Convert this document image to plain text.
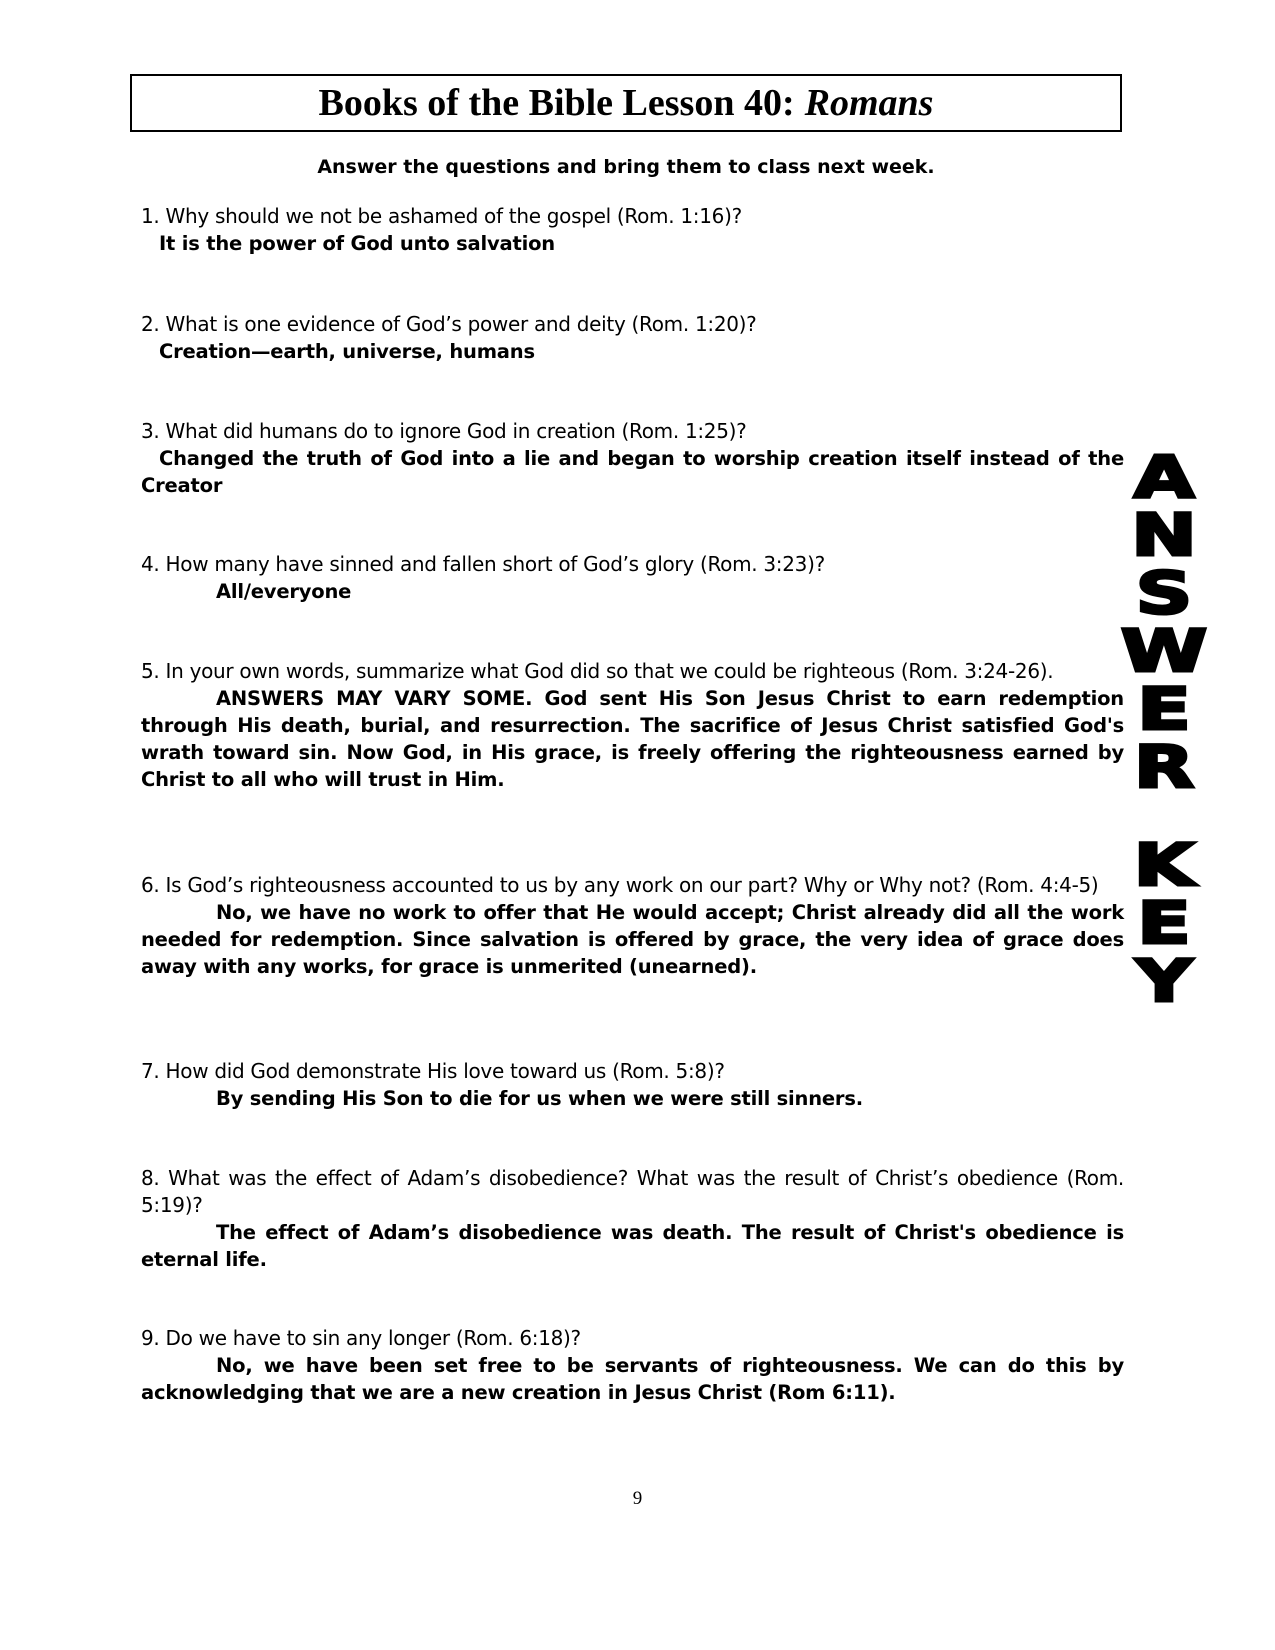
Books of the Bible Lesson 40: Romans
Answer the questions and bring them to class next week.
1. Why should we not be ashamed of the gospel (Rom. 1:16)?
It is the power of God unto salvation
2. What is one evidence of God’s power and deity (Rom. 1:20)?
Creation—earth, universe, humans
3. What did humans do to ignore God in creation (Rom. 1:25)?
Changed the truth of God into a lie and began to worship creation itself instead of the Creator
4. How many have sinned and fallen short of God’s glory (Rom. 3:23)?
All/everyone
5. In your own words, summarize what God did so that we could be righteous (Rom. 3:24-26).
ANSWERS MAY VARY SOME. God sent His Son Jesus Christ to earn redemption through His death, burial, and resurrection. The sacrifice of Jesus Christ satisfied God's wrath toward sin. Now God, in His grace, is freely offering the righteousness earned by Christ to all who will trust in Him.
6. Is God’s righteousness accounted to us by any work on our part? Why or Why not? (Rom. 4:4-5)
No, we have no work to offer that He would accept; Christ already did all the work needed for redemption. Since salvation is offered by grace, the very idea of grace does away with any works, for grace is unmerited (unearned).
7. How did God demonstrate His love toward us (Rom. 5:8)?
By sending His Son to die for us when we were still sinners.
8. What was the effect of Adam’s disobedience? What was the result of Christ’s obedience (Rom. 5:19)?
The effect of Adam’s disobedience was death. The result of Christ's obedience is eternal life.
9. Do we have to sin any longer (Rom. 6:18)?
No, we have been set free to be servants of righteousness. We can do this by acknowledging that we are a new creation in Jesus Christ (Rom 6:11).
A
N
S
W
E
R
K
E
Y
9
